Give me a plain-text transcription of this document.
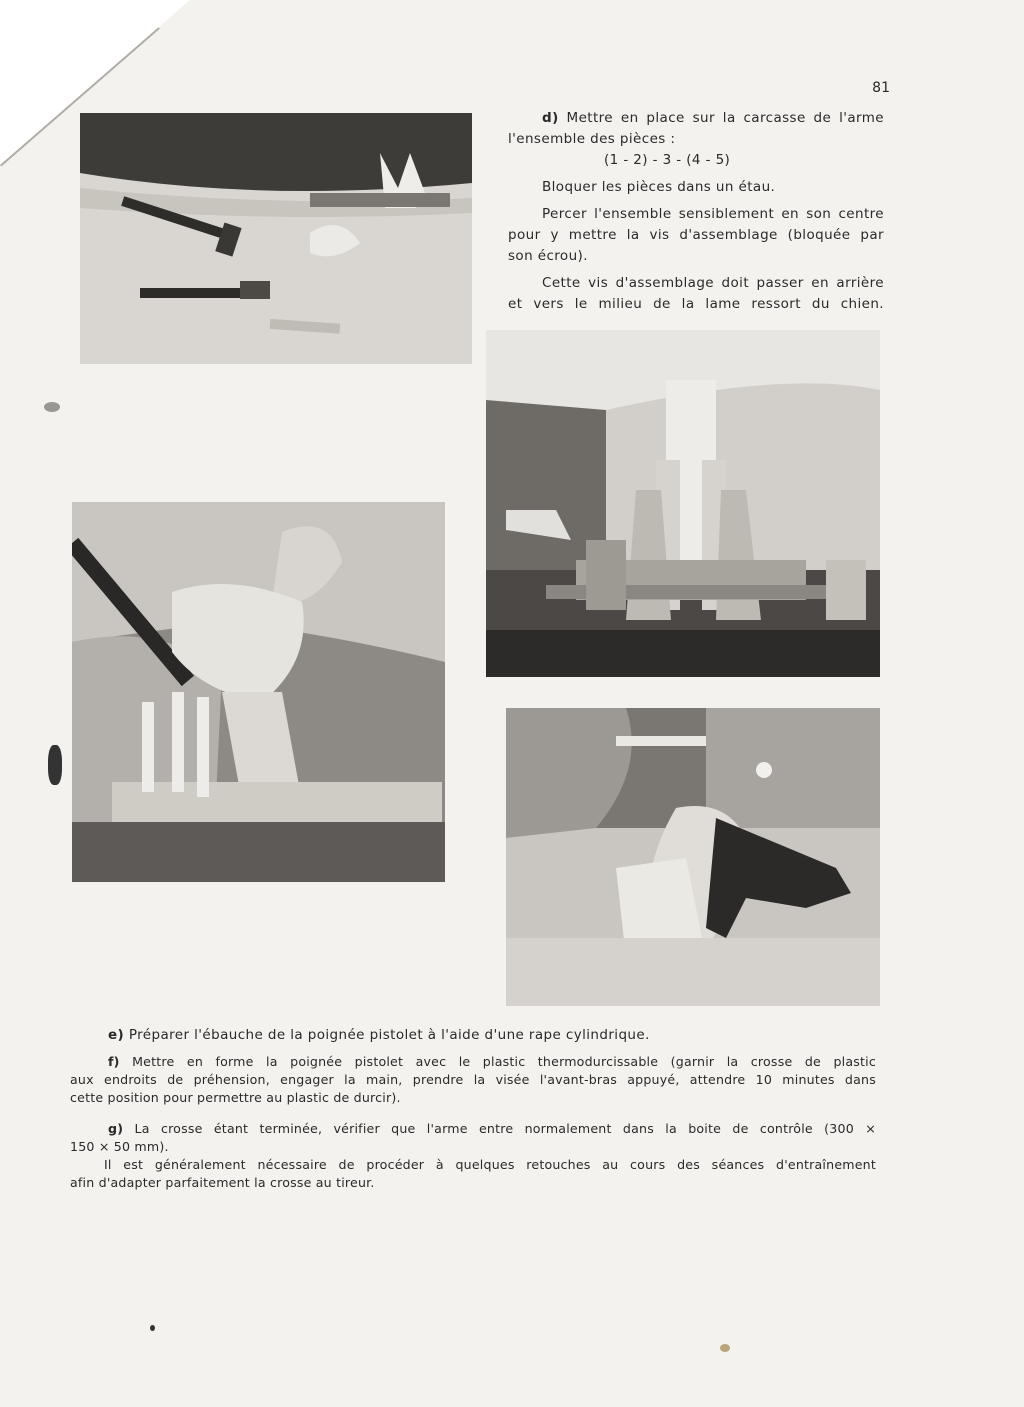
81

d) Mettre en place sur la carcasse de l'arme

l'ensemble des pièces :

(1 - 2) - 3 - (4 - 5)

Bloquer les pièces dans un étau.

Percer l'ensemble sensiblement en son centre

pour y mettre la vis d'assemblage (bloquée par

son écrou).

Cette vis d'assemblage doit passer en arrière

et vers le milieu de la lame ressort du chien.

e) Préparer l'ébauche de la poignée pistolet à l'aide d'une rape cylindrique.

f) Mettre en forme la poignée pistolet avec le plastic thermodurcissable (garnir la crosse de plastic

aux endroits de préhension, engager la main, prendre la visée l'avant-bras appuyé, attendre 10 minutes dans

cette position pour permettre au plastic de durcir).

g) La crosse étant terminée, vérifier que l'arme entre normalement dans la boite de contrôle (300 ×

150 × 50 mm).

Il est généralement nécessaire de procéder à quelques retouches au cours des séances d'entraînement

afin d'adapter parfaitement la crosse au tireur.
